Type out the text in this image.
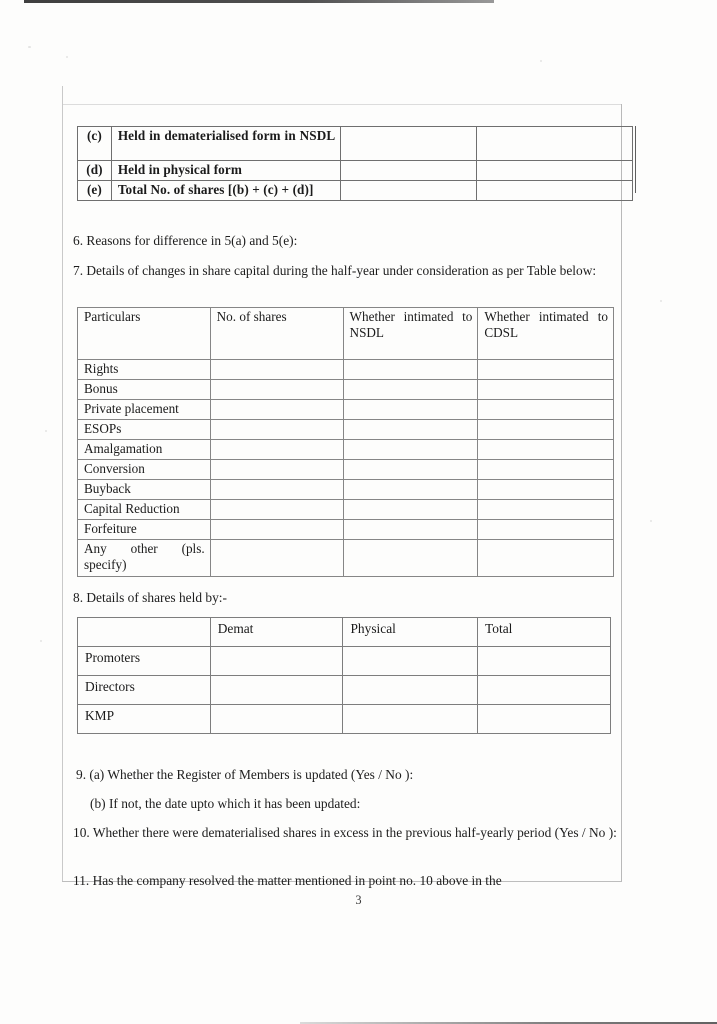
(c)	Held in dematerialised form in NSDL		
(d)	Held in physical form		
(e)	Total No. of shares [(b) + (c) + (d)]		
6. Reasons for difference in 5(a) and 5(e):
7. Details of changes in share capital during the half-year under consideration as per Table below:
Particulars	No. of shares	Whether intimated to NSDL	Whether intimated to CDSL
Rights			
Bonus			
Private placement			
ESOPs			
Amalgamation			
Conversion			
Buyback			
Capital Reduction			
Forfeiture			
Any other (pls. specify)			
8. Details of shares held by:-
	Demat	Physical	Total
Promoters			
Directors			
KMP			
9. (a) Whether the Register of Members is updated (Yes / No ):
(b) If not, the date upto which it has been updated:
10. Whether there were dematerialised shares in excess in the previous half-yearly period (Yes / No ):
11. Has the company resolved the matter mentioned in point no. 10 above in the
3
